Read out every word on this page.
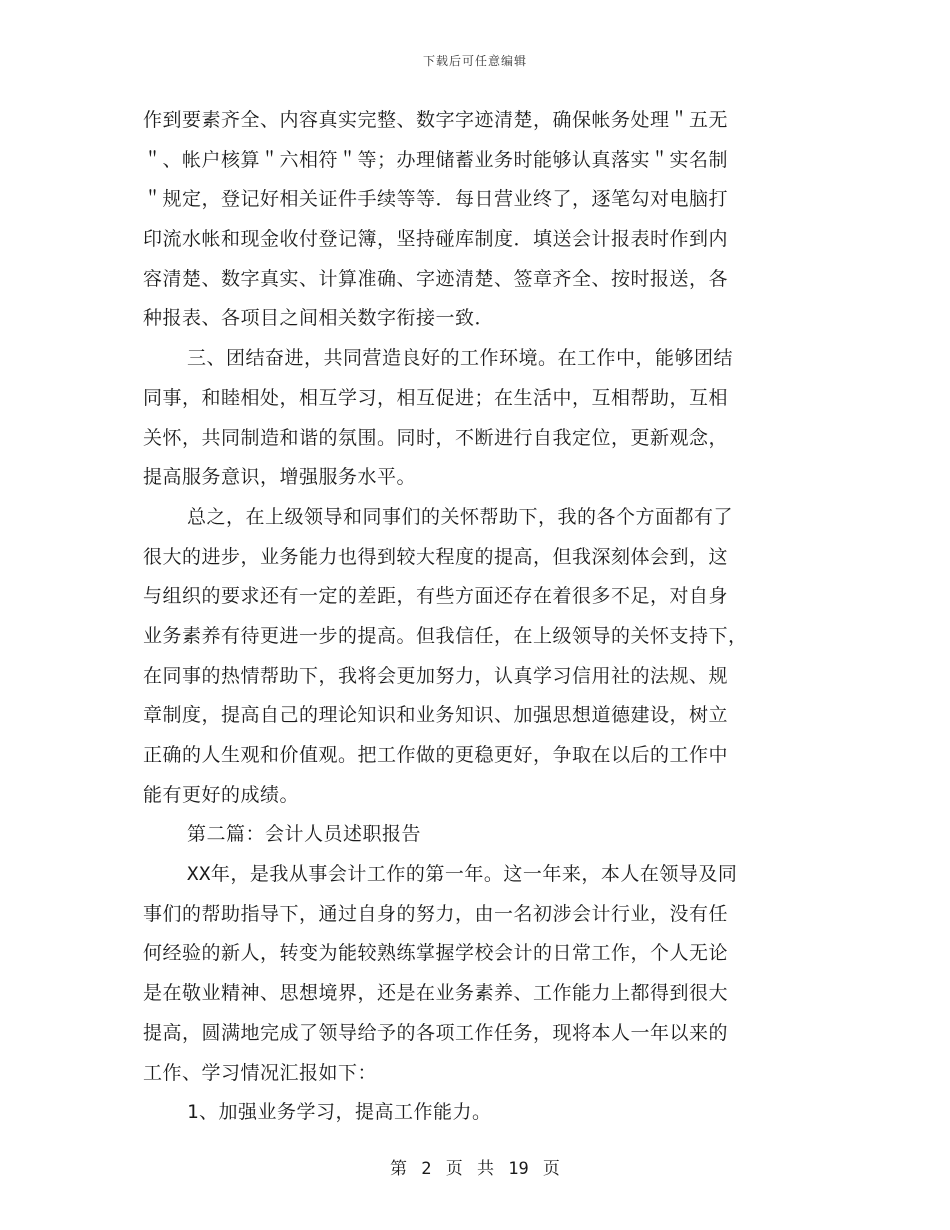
下载后可任意编辑
作到要素齐全、内容真实完整、数字字迹清楚，确保帐务处理＂五无
＂、帐户核算＂六相符＂等；办理储蓄业务时能够认真落实＂实名制
＂规定，登记好相关证件手续等等．每日营业终了，逐笔勾对电脑打
印流水帐和现金收付登记簿，坚持碰库制度．填送会计报表时作到内
容清楚、数字真实、计算准确、字迹清楚、签章齐全、按时报送，各
种报表、各项目之间相关数字衔接一致．
三、团结奋进，共同营造良好的工作环境。在工作中，能够团结
同事，和睦相处，相互学习，相互促进；在生活中，互相帮助，互相
关怀，共同制造和谐的氛围。同时，不断进行自我定位，更新观念，
提高服务意识，增强服务水平。
总之，在上级领导和同事们的关怀帮助下，我的各个方面都有了
很大的进步，业务能力也得到较大程度的提高，但我深刻体会到，这
与组织的要求还有一定的差距，有些方面还存在着很多不足，对自身
业务素养有待更进一步的提高。但我信任，在上级领导的关怀支持下，
在同事的热情帮助下，我将会更加努力，认真学习信用社的法规、规
章制度，提高自己的理论知识和业务知识、加强思想道德建设，树立
正确的人生观和价值观。把工作做的更稳更好，争取在以后的工作中
能有更好的成绩。
第二篇：会计人员述职报告
XX年，是我从事会计工作的第一年。这一年来，本人在领导及同
事们的帮助指导下，通过自身的努力，由一名初涉会计行业，没有任
何经验的新人，转变为能较熟练掌握学校会计的日常工作，个人无论
是在敬业精神、思想境界，还是在业务素养、工作能力上都得到很大
提高，圆满地完成了领导给予的各项工作任务，现将本人一年以来的
工作、学习情况汇报如下：
1、加强业务学习，提高工作能力。
第 2 页 共 19 页
